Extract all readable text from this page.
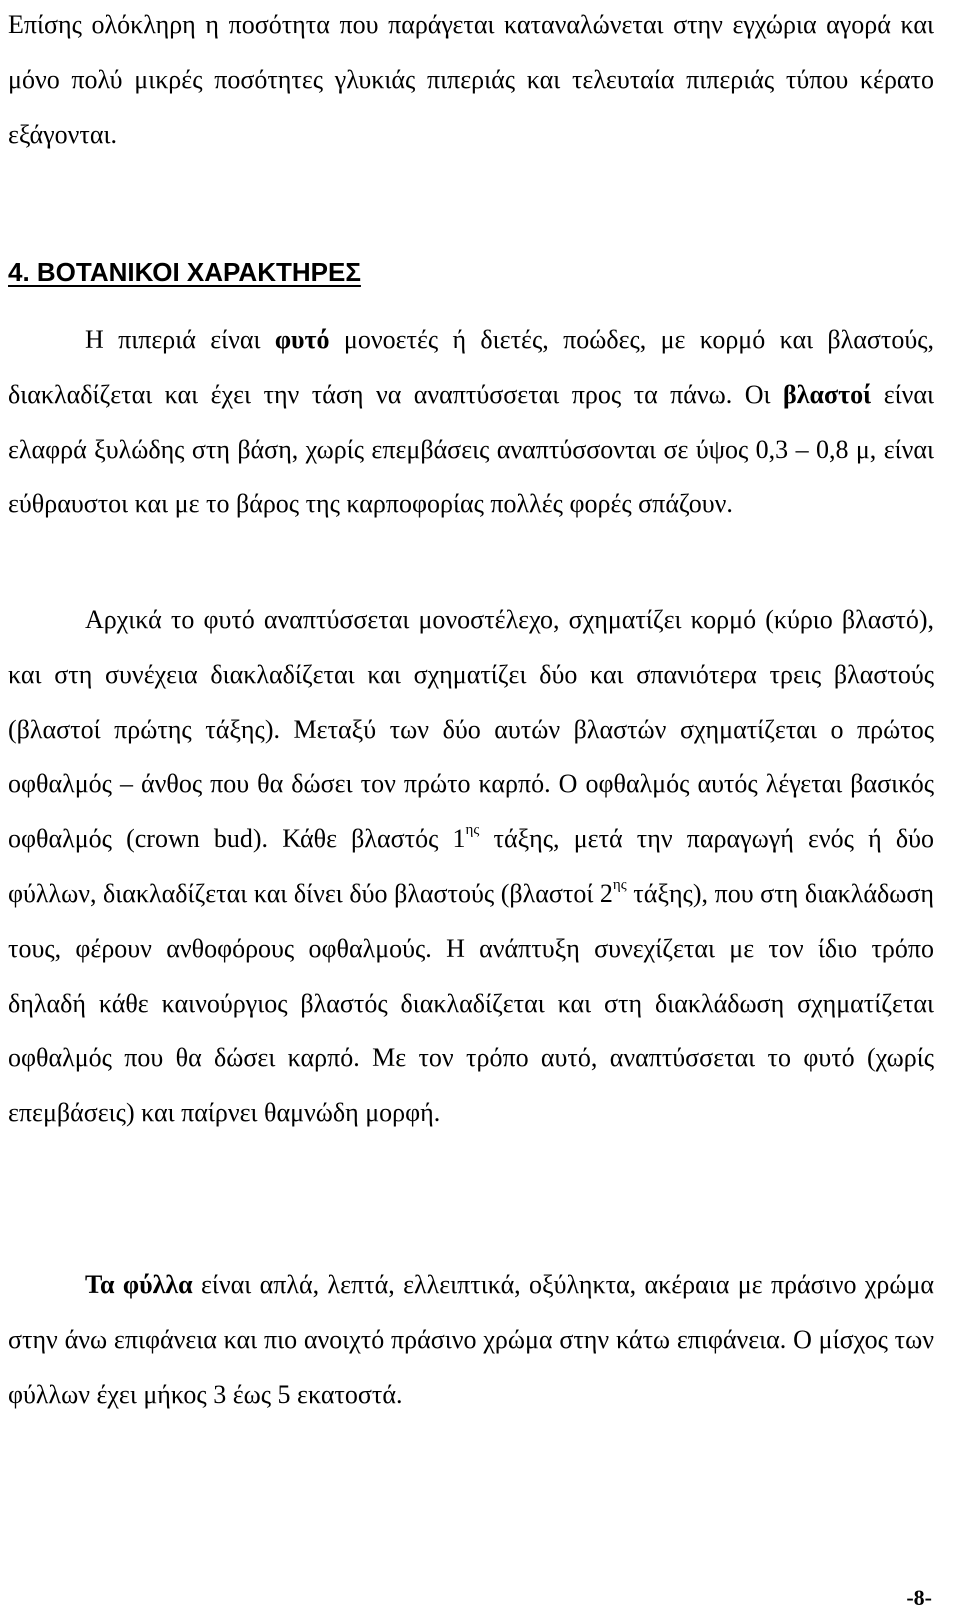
Επίσης ολόκληρη η ποσότητα που παράγεται καταναλώνεται στην εγχώρια αγορά και μόνο πολύ μικρές ποσότητες γλυκιάς πιπεριάς και τελευταία πιπεριάς τύπου κέρατο εξάγονται.

4. ΒΟΤΑΝΙΚΟΙ ΧΑΡΑΚΤΗΡΕΣ

Η πιπεριά είναι φυτό μονοετές ή διετές, ποώδες, με κορμό και βλαστούς, διακλαδίζεται και έχει την τάση να αναπτύσσεται προς τα πάνω. Οι βλαστοί είναι ελαφρά ξυλώδης στη βάση, χωρίς επεμβάσεις αναπτύσσονται σε ύψος 0,3 – 0,8 μ, είναι εύθραυστοι και με το βάρος της καρποφορίας πολλές φορές σπάζουν.

Αρχικά το φυτό αναπτύσσεται μονοστέλεχο, σχηματίζει κορμό (κύριο βλαστό), και στη συνέχεια διακλαδίζεται και σχηματίζει δύο και σπανιότερα τρεις βλαστούς (βλαστοί πρώτης τάξης). Μεταξύ των δύο αυτών βλαστών σχηματίζεται ο πρώτος οφθαλμός – άνθος που θα δώσει τον πρώτο καρπό. Ο οφθαλμός αυτός λέγεται βασικός οφθαλμός (crown bud). Κάθε βλαστός $1^{\eta\varsigma}$ τάξης, μετά την παραγωγή ενός ή δύο φύλλων, διακλαδίζεται και δίνει δύο βλαστούς (βλαστοί $2^{\eta\varsigma}$ τάξης), που στη διακλάδωση τους, φέρουν ανθοφόρους οφθαλμούς. Η ανάπτυξη συνεχίζεται με τον ίδιο τρόπο δηλαδή κάθε καινούργιος βλαστός διακλαδίζεται και στη διακλάδωση σχηματίζεται οφθαλμός που θα δώσει καρπό. Με τον τρόπο αυτό, αναπτύσσεται το φυτό (χωρίς επεμβάσεις) και παίρνει θαμνώδη μορφή.

Τα φύλλα είναι απλά, λεπτά, ελλειπτικά, οξύληκτα, ακέραια με πράσινο χρώμα στην άνω επιφάνεια και πιο ανοιχτό πράσινο χρώμα στην κάτω επιφάνεια. Ο μίσχος των φύλλων έχει μήκος 3 έως 5 εκατοστά.

-8-
